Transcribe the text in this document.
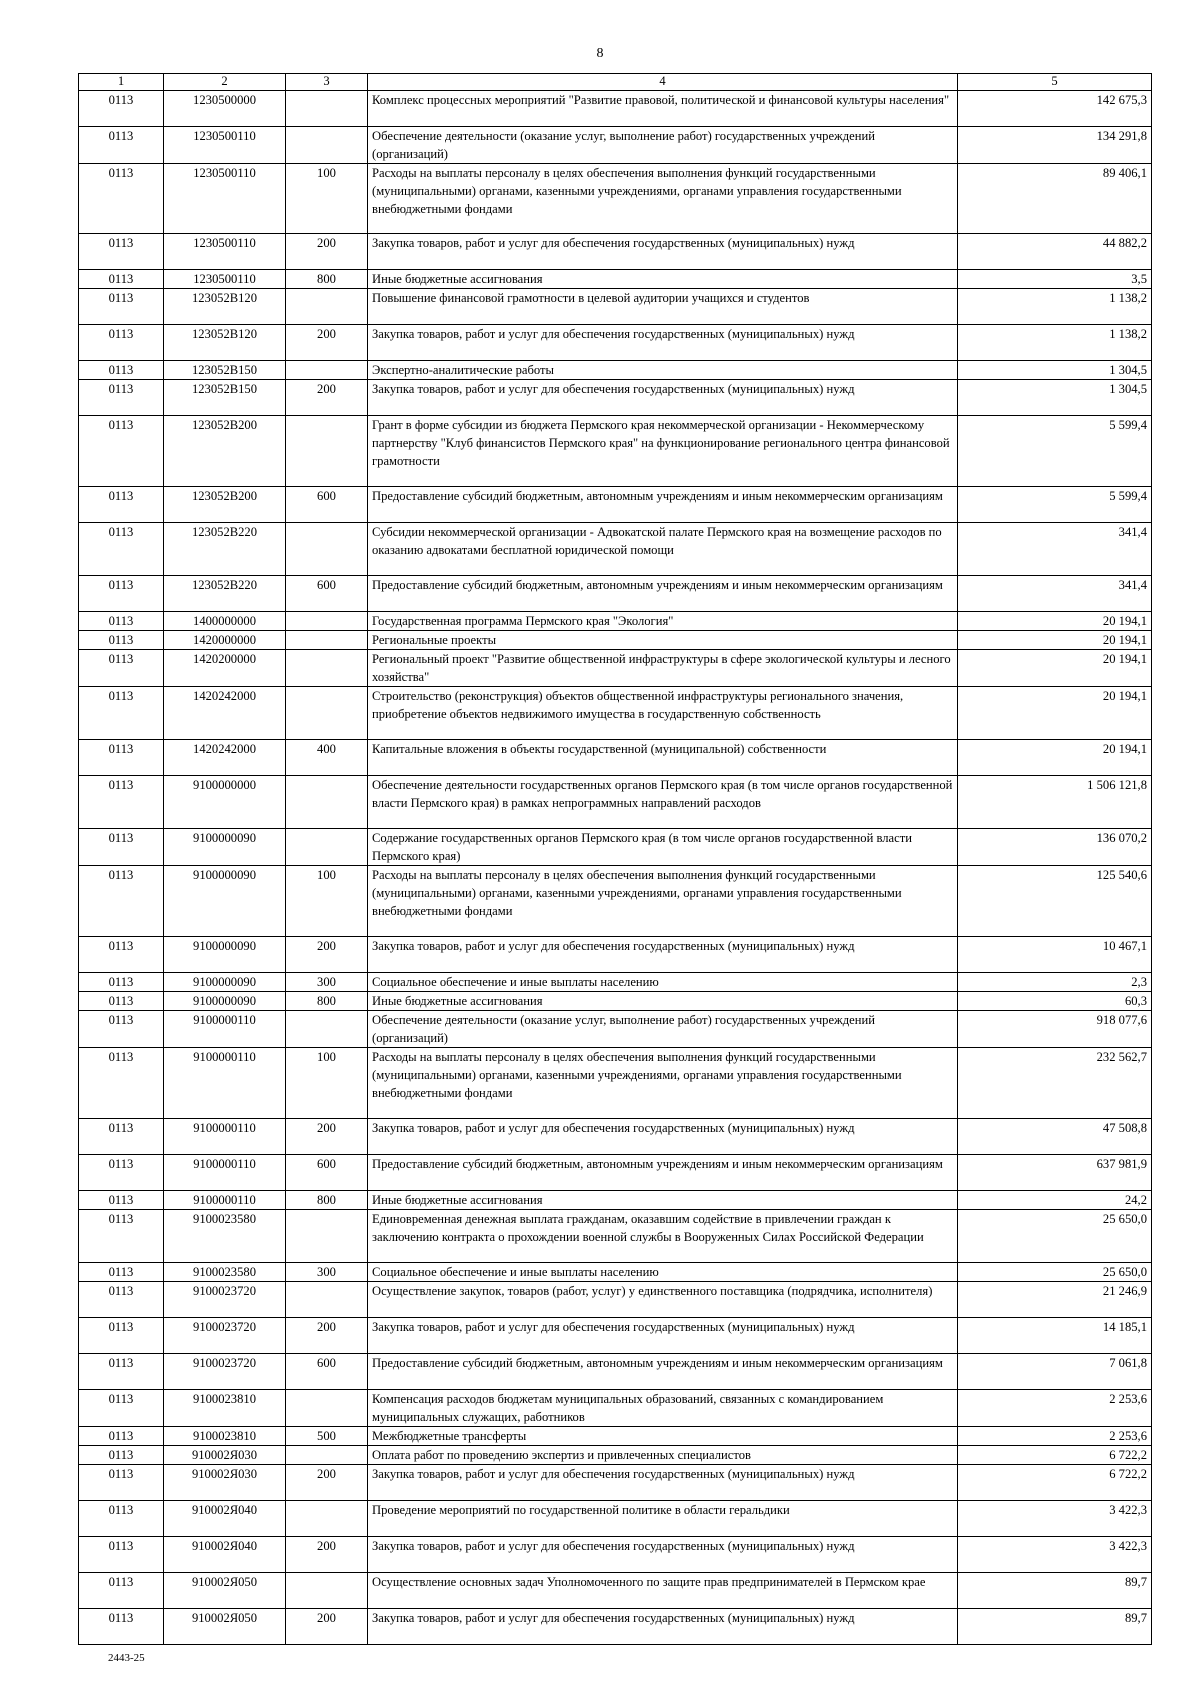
8
1	2	3	4	5
0113	1230500000		Комплекс процессных мероприятий "Развитие правовой, политической и финансовой культуры населения"	142 675,3
0113	1230500110		Обеспечение деятельности (оказание услуг, выполнение работ) государственных учреждений (организаций)	134 291,8
0113	1230500110	100	Расходы на выплаты персоналу в целях обеспечения выполнения функций государственными (муниципальными) органами, казенными учреждениями, органами управления государственными внебюджетными фондами	89 406,1
0113	1230500110	200	Закупка товаров, работ и услуг для обеспечения государственных (муниципальных) нужд	44 882,2
0113	1230500110	800	Иные бюджетные ассигнования	3,5
0113	123052В120		Повышение финансовой грамотности в целевой аудитории учащихся и студентов	1 138,2
0113	123052В120	200	Закупка товаров, работ и услуг для обеспечения государственных (муниципальных) нужд	1 138,2
0113	123052В150		Экспертно-аналитические работы	1 304,5
0113	123052В150	200	Закупка товаров, работ и услуг для обеспечения государственных (муниципальных) нужд	1 304,5
0113	123052В200		Грант в форме субсидии из бюджета Пермского края некоммерческой организации - Некоммерческому партнерству "Клуб финансистов Пермского края" на функционирование регионального центра финансовой грамотности	5 599,4
0113	123052В200	600	Предоставление субсидий бюджетным, автономным учреждениям и иным некоммерческим организациям	5 599,4
0113	123052В220		Субсидии некоммерческой организации - Адвокатской палате Пермского края на возмещение расходов по оказанию адвокатами бесплатной юридической помощи	341,4
0113	123052В220	600	Предоставление субсидий бюджетным, автономным учреждениям и иным некоммерческим организациям	341,4
0113	1400000000		Государственная программа Пермского края "Экология"	20 194,1
0113	1420000000		Региональные проекты	20 194,1
0113	1420200000		Региональный проект "Развитие общественной инфраструктуры в сфере экологической культуры и лесного хозяйства"	20 194,1
0113	1420242000		Строительство (реконструкция) объектов общественной инфраструктуры регионального значения, приобретение объектов недвижимого имущества в государственную собственность	20 194,1
0113	1420242000	400	Капитальные вложения в объекты государственной (муниципальной) собственности	20 194,1
0113	9100000000		Обеспечение деятельности государственных органов Пермского края (в том числе органов государственной власти Пермского края) в рамках непрограммных направлений расходов	1 506 121,8
0113	9100000090		Содержание государственных органов Пермского края (в том числе органов государственной власти Пермского края)	136 070,2
0113	9100000090	100	Расходы на выплаты персоналу в целях обеспечения выполнения функций государственными (муниципальными) органами, казенными учреждениями, органами управления государственными внебюджетными фондами	125 540,6
0113	9100000090	200	Закупка товаров, работ и услуг для обеспечения государственных (муниципальных) нужд	10 467,1
0113	9100000090	300	Социальное обеспечение и иные выплаты населению	2,3
0113	9100000090	800	Иные бюджетные ассигнования	60,3
0113	9100000110		Обеспечение деятельности (оказание услуг, выполнение работ) государственных учреждений (организаций)	918 077,6
0113	9100000110	100	Расходы на выплаты персоналу в целях обеспечения выполнения функций государственными (муниципальными) органами, казенными учреждениями, органами управления государственными внебюджетными фондами	232 562,7
0113	9100000110	200	Закупка товаров, работ и услуг для обеспечения государственных (муниципальных) нужд	47 508,8
0113	9100000110	600	Предоставление субсидий бюджетным, автономным учреждениям и иным некоммерческим организациям	637 981,9
0113	9100000110	800	Иные бюджетные ассигнования	24,2
0113	9100023580		Единовременная денежная выплата гражданам, оказавшим содействие в привлечении граждан к заключению контракта о прохождении военной службы в Вооруженных Силах Российской Федерации	25 650,0
0113	9100023580	300	Социальное обеспечение и иные выплаты населению	25 650,0
0113	9100023720		Осуществление закупок, товаров (работ, услуг) у единственного поставщика (подрядчика, исполнителя)	21 246,9
0113	9100023720	200	Закупка товаров, работ и услуг для обеспечения государственных (муниципальных) нужд	14 185,1
0113	9100023720	600	Предоставление субсидий бюджетным, автономным учреждениям и иным некоммерческим организациям	7 061,8
0113	9100023810		Компенсация расходов бюджетам муниципальных образований, связанных с командированием муниципальных служащих, работников	2 253,6
0113	9100023810	500	Межбюджетные трансферты	2 253,6
0113	910002Я030		Оплата работ по проведению экспертиз и привлеченных специалистов	6 722,2
0113	910002Я030	200	Закупка товаров, работ и услуг для обеспечения государственных (муниципальных) нужд	6 722,2
0113	910002Я040		Проведение мероприятий по государственной политике в области геральдики	3 422,3
0113	910002Я040	200	Закупка товаров, работ и услуг для обеспечения государственных (муниципальных) нужд	3 422,3
0113	910002Я050		Осуществление основных задач Уполномоченного по защите прав предпринимателей в Пермском крае	89,7
0113	910002Я050	200	Закупка товаров, работ и услуг для обеспечения государственных (муниципальных) нужд	89,7
2443-25
